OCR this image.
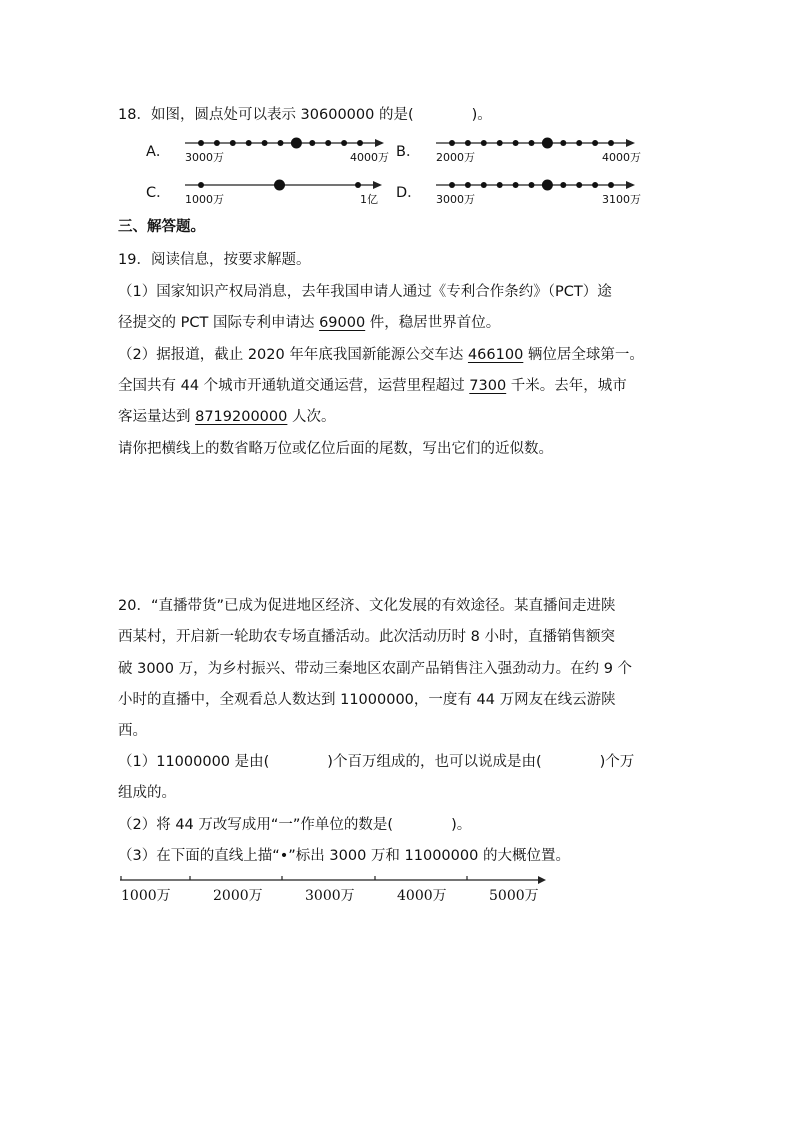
18．如图，圆点处可以表示 30600000 的是(　　　　)。
A． 3000万	4000万 B． 2000万	4000万
C． 1000万	1亿 D． 3000万	3100万
三、解答题。
19．阅读信息，按要求解题。
（1）国家知识产权局消息，去年我国申请人通过《专利合作条约》（PCT）途
径提交的 PCT 国际专利申请达 69000 件，稳居世界首位。
（2）据报道，截止 2020 年年底我国新能源公交车达 466100 辆位居全球第一。
全国共有 44 个城市开通轨道交通运营，运营里程超过 7300 千米。去年，城市
客运量达到 8719200000 人次。
请你把横线上的数省略万位或亿位后面的尾数，写出它们的近似数。
20．“直播带货”已成为促进地区经济、文化发展的有效途径。某直播间走进陕
西某村，开启新一轮助农专场直播活动。此次活动历时 8 小时，直播销售额突
破 3000 万，为乡村振兴、带动三秦地区农副产品销售注入强劲动力。在约 9 个
小时的直播中，全观看总人数达到 11000000，一度有 44 万网友在线云游陕
西。
（1）11000000 是由(　　　　)个百万组成的，也可以说成是由(　　　　)个万
组成的。
（2）将 44 万改写成用“一”作单位的数是(　　　　)。
（3）在下面的直线上描“•”标出 3000 万和 11000000 的大概位置。
1000万	2000万	3000万	4000万	5000万
